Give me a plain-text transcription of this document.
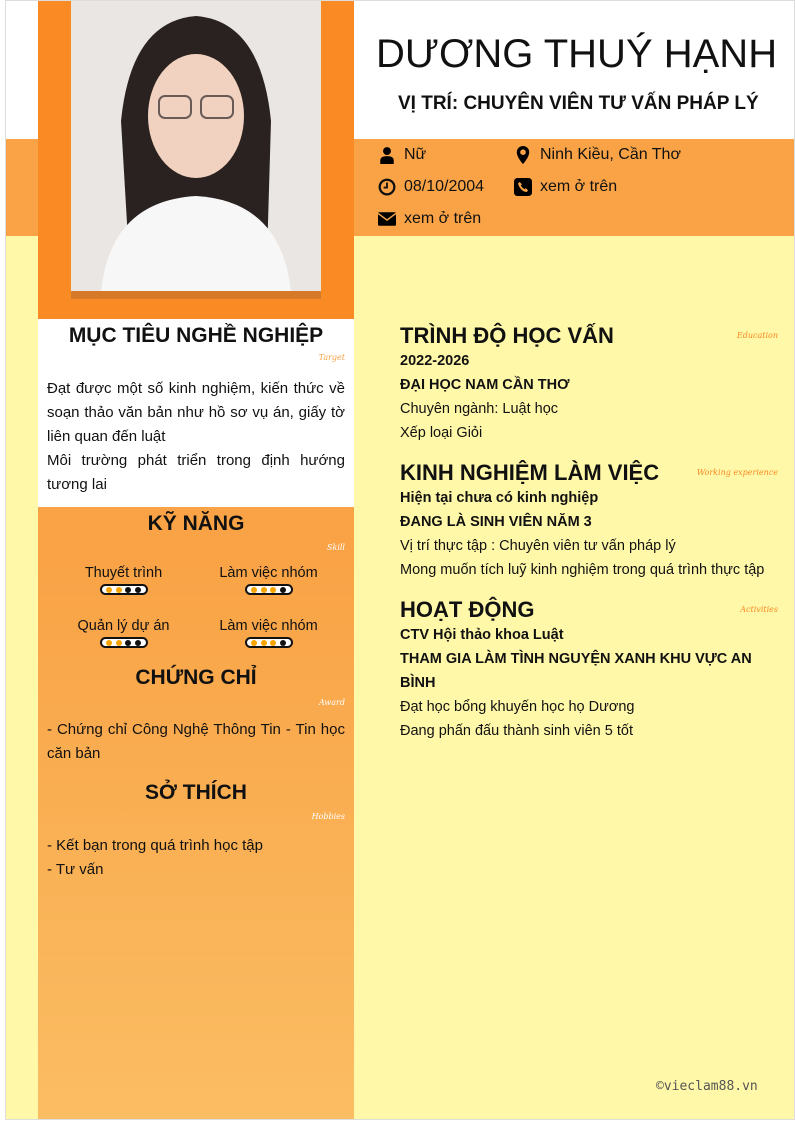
DƯƠNG THUÝ HẠNH
VỊ TRÍ: CHUYÊN VIÊN TƯ VẤN PHÁP LÝ
Nữ	Ninh Kiều, Cần Thơ
08/10/2004	xem ở trên
xem ở trên
MỤC TIÊU NGHỀ NGHIỆP
Target
Đạt được một số kinh nghiệm, kiến thức về soạn thảo văn bản như hồ sơ vụ án, giấy tờ liên quan đến luật
Môi trường phát triển trong định hướng tương lai
KỸ NĂNG
Skill
Thuyết trình	Làm việc nhóm
Quản lý dự án	Làm việc nhóm
CHỨNG CHỈ
Award
- Chứng chỉ Công Nghệ Thông Tin - Tin học căn bản
SỞ THÍCH
Hobbies
- Kết bạn trong quá trình học tập
- Tư vấn
TRÌNH ĐỘ HỌC VẤN	Education
2022-2026
ĐẠI HỌC NAM CẦN THƠ
Chuyên ngành: Luật học
Xếp loại Giỏi
KINH NGHIỆM LÀM VIỆC	Working experience
Hiện tại chưa có kinh nghiệp
ĐANG LÀ SINH VIÊN NĂM 3
Vị trí thực tập : Chuyên viên tư vấn pháp lý
Mong muốn tích luỹ kinh nghiệm trong quá trình thực tập
HOẠT ĐỘNG	Activities
CTV Hội thảo khoa Luật
THAM GIA LÀM TÌNH NGUYỆN XANH KHU VỰC AN BÌNH
Đạt học bổng khuyến học họ Dương
Đang phấn đấu thành sinh viên 5 tốt
©vieclam88.vn
